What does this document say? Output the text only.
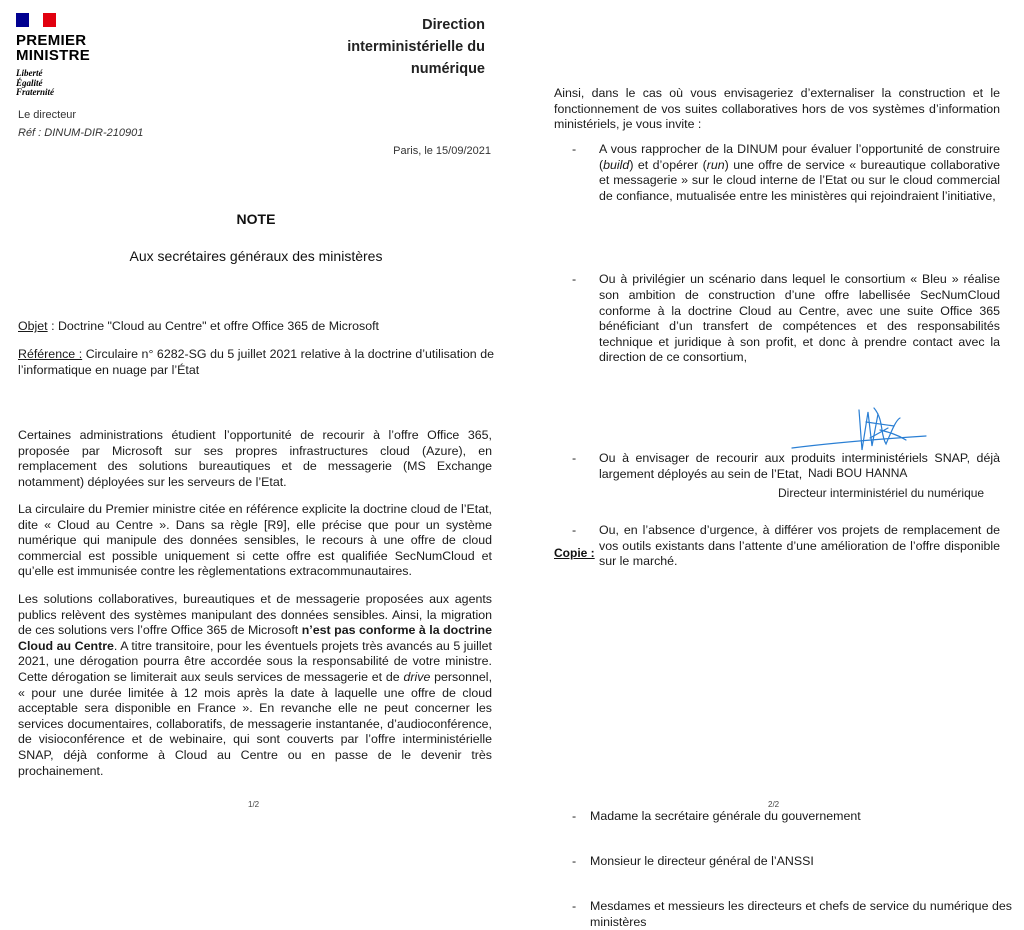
PREMIER
MINISTRE
Liberté
Égalité
Fraternité
Direction
interministérielle du
numérique
Le directeur
Réf : DINUM-DIR-210901
Paris, le 15/09/2021
NOTE
Aux secrétaires généraux des ministères
Objet : Doctrine "Cloud au Centre" et offre Office 365 de Microsoft
Référence : Circulaire n° 6282-SG du 5 juillet 2021 relative à la doctrine d’utilisation de l’informatique en nuage par l’État
Certaines administrations étudient l’opportunité de recourir à l’offre Office 365, proposée par Microsoft sur ses propres infrastructures cloud (Azure), en remplacement des solutions bureautiques et de messagerie (MS Exchange notamment) déployées sur les serveurs de l’Etat.
La circulaire du Premier ministre citée en référence explicite la doctrine cloud de l’Etat, dite « Cloud au Centre ». Dans sa règle [R9], elle précise que pour un système numérique qui manipule des données sensibles, le recours à une offre de cloud commercial est possible uniquement si cette offre est qualifiée SecNumCloud et qu’elle est immunisée contre les règlementations extracommunautaires.
Les solutions collaboratives, bureautiques et de messagerie proposées aux agents publics relèvent des systèmes manipulant des données sensibles. Ainsi, la migration de ces solutions vers l’offre Office 365 de Microsoft n’est pas conforme à la doctrine Cloud au Centre. A titre transitoire, pour les éventuels projets très avancés au 5 juillet 2021, une dérogation pourra être accordée sous la responsabilité de votre ministre. Cette dérogation se limiterait aux seuls services de messagerie et de drive personnel, « pour une durée limitée à 12 mois après la date à laquelle une offre de cloud acceptable sera disponible en France ». En revanche elle ne peut concerner les services documentaires, collaboratifs, de messagerie instantanée, d’audioconférence, de visioconférence et de webinaire, qui sont couverts par l’offre interministérielle SNAP, déjà conforme à Cloud au Centre ou en passe de le devenir très prochainement.
1/2
Ainsi, dans le cas où vous envisageriez d’externaliser la construction et le fonctionnement de vos suites collaboratives hors de vos systèmes d’information ministériels, je vous invite :
- A vous rapprocher de la DINUM pour évaluer l’opportunité de construire (build) et d’opérer (run) une offre de service « bureautique collaborative et messagerie » sur le cloud interne de l’Etat ou sur le cloud commercial de confiance, mutualisée entre les ministères qui rejoindraient l’initiative,
- Ou à privilégier un scénario dans lequel le consortium « Bleu » réalise son ambition de construction d’une offre labellisée SecNumCloud conforme à la doctrine Cloud au Centre, avec une suite Office 365 bénéficiant d’un transfert de compétences et des responsabilités technique et juridique à son profit, et donc à prendre contact avec la direction de ce consortium,
- Ou à envisager de recourir aux produits interministériels SNAP, déjà largement déployés au sein de l’Etat,
- Ou, en l’absence d’urgence, à différer vos projets de remplacement de vos outils existants dans l’attente d’une amélioration de l’offre disponible sur le marché.
Nadi BOU HANNA
Directeur interministériel du numérique
Copie :
- Madame la secrétaire générale du gouvernement
- Monsieur le directeur général de l’ANSSI
- Mesdames et messieurs les directeurs et chefs de service du numérique des ministères
2/2
